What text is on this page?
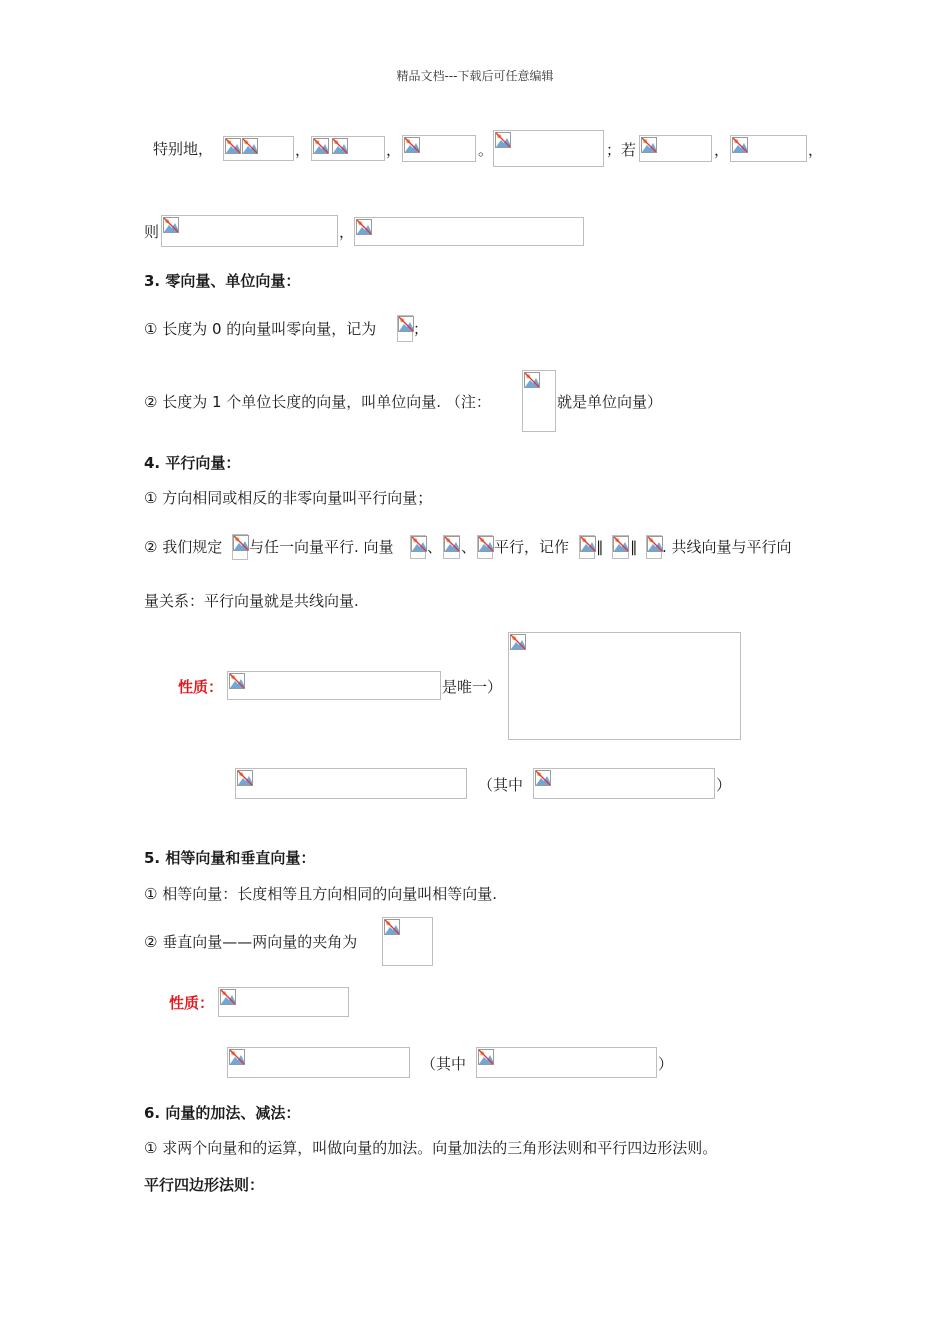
精品文档---下载后可任意编辑
特别地，	，	，	。	；若	，	，
则	，
3. 零向量、单位向量：
① 长度为 0 的向量叫零向量，记为 ；
② 长度为 1 个单位长度的向量，叫单位向量. （注：	就是单位向量）
4. 平行向量：
① 方向相同或相反的非零向量叫平行向量；
② 我们规定 与任一向量平行. 向量 、 、 平行，记作 ∥ ∥ . 共线向量与平行向
量关系：平行向量就是共线向量.
性质：	是唯一）
（其中	）
5. 相等向量和垂直向量：
① 相等向量：长度相等且方向相同的向量叫相等向量.
② 垂直向量——两向量的夹角为
性质：
（其中	）
6. 向量的加法、减法：
① 求两个向量和的运算，叫做向量的加法。向量加法的三角形法则和平行四边形法则。
平行四边形法则：
